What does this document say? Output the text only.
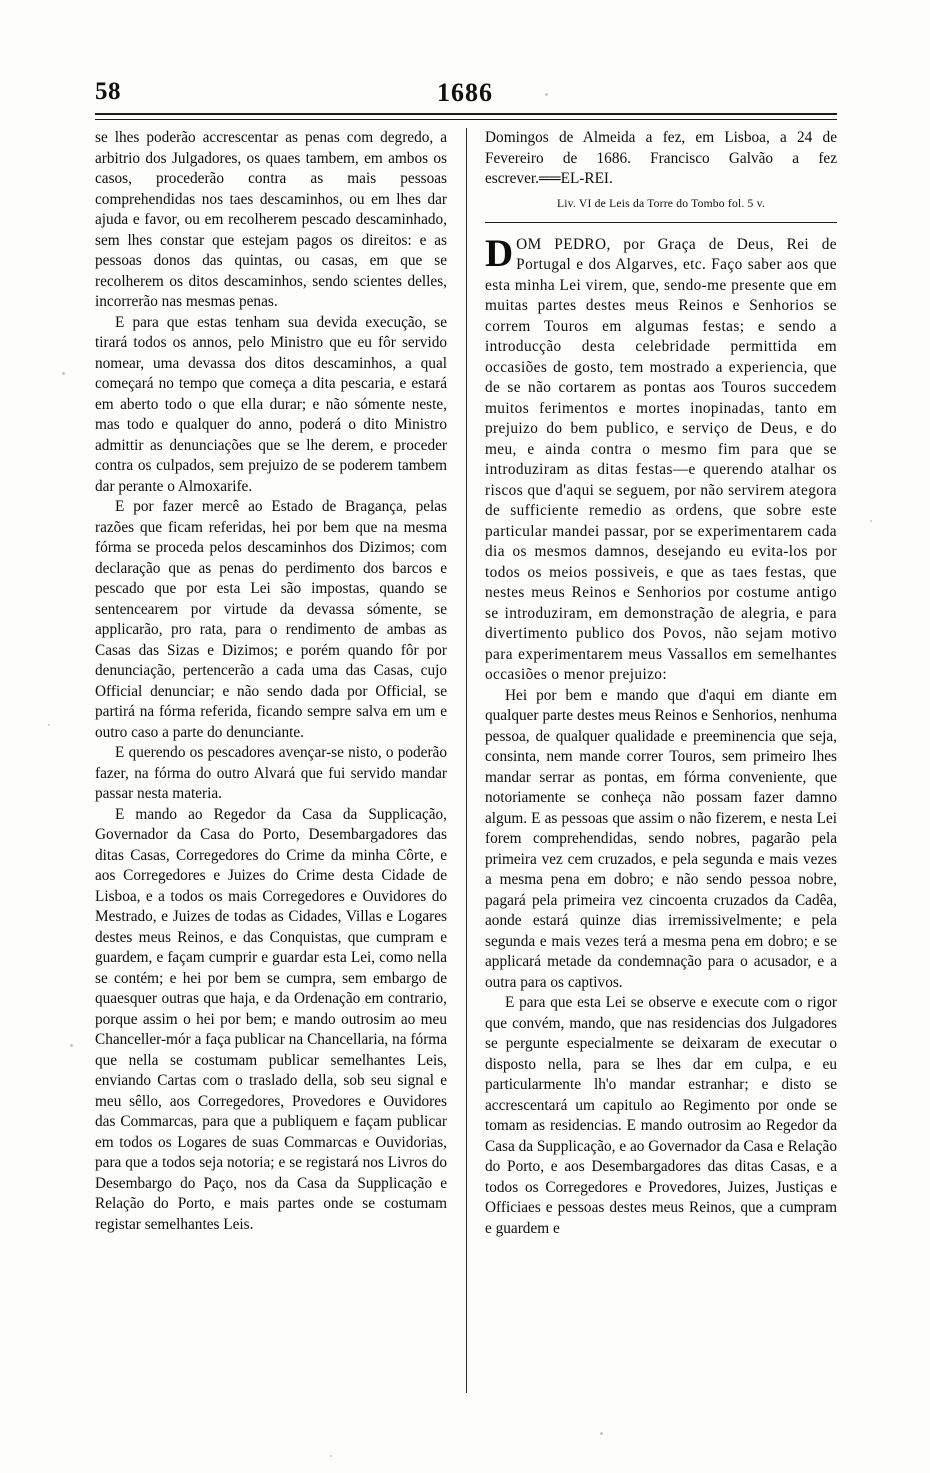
58	1686

se lhes poderão accrescentar as penas com degredo, a arbitrio dos Julgadores, os quaes tambem, em ambos os casos, procederão contra as mais pessoas comprehendidas nos taes descaminhos, ou em lhes dar ajuda e favor, ou em recolherem pescado descaminhado, sem lhes constar que estejam pagos os direitos: e as pessoas donos das quintas, ou casas, em que se recolherem os ditos descaminhos, sendo scientes delles, incorrerão nas mesmas penas.

E para que estas tenham sua devida execução, se tirará todos os annos, pelo Ministro que eu fôr servido nomear, uma devassa dos ditos descaminhos, a qual começará no tempo que começa a dita pescaria, e estará em aberto todo o que ella durar; e não sómente neste, mas todo e qualquer do anno, poderá o dito Ministro admittir as denunciações que se lhe derem, e proceder contra os culpados, sem prejuizo de se poderem tambem dar perante o Almoxarife.

E por fazer mercê ao Estado de Bragança, pelas razões que ficam referidas, hei por bem que na mesma fórma se proceda pelos descaminhos dos Dizimos; com declaração que as penas do perdimento dos barcos e pescado que por esta Lei são impostas, quando se sentencearem por virtude da devassa sómente, se applicarão, pro rata, para o rendimento de ambas as Casas das Sizas e Dizimos; e porém quando fôr por denunciação, pertencerão a cada uma das Casas, cujo Official denunciar; e não sendo dada por Official, se partirá na fórma referida, ficando sempre salva em um e outro caso a parte do denunciante.

E querendo os pescadores avençar-se nisto, o poderão fazer, na fórma do outro Alvará que fui servido mandar passar nesta materia.

E mando ao Regedor da Casa da Supplicação, Governador da Casa do Porto, Desembargadores das ditas Casas, Corregedores do Crime da minha Côrte, e aos Corregedores e Juizes do Crime desta Cidade de Lisboa, e a todos os mais Corregedores e Ouvidores do Mestrado, e Juizes de todas as Cidades, Villas e Logares destes meus Reinos, e das Conquistas, que cumpram e guardem, e façam cumprir e guardar esta Lei, como nella se contém; e hei por bem se cumpra, sem embargo de quaesquer outras que haja, e da Ordenação em contrario, porque assim o hei por bem; e mando outrosim ao meu Chanceller-mór a faça publicar na Chancellaria, na fórma que nella se costumam publicar semelhantes Leis, enviando Cartas com o traslado della, sob seu signal e meu sêllo, aos Corregedores, Provedores e Ouvidores das Commarcas, para que a publiquem e façam publicar em todos os Logares de suas Commarcas e Ouvidorias, para que a todos seja notoria; e se registará nos Livros do Desembargo do Paço, nos da Casa da Supplicação e Relação do Porto, e mais partes onde se costumam registar semelhantes Leis.

Domingos de Almeida a fez, em Lisboa, a 24 de Fevereiro de 1686. Francisco Galvão a fez escrever.══EL-REI.

Liv. VI de Leis da Torre do Tombo fol. 5 v.
D OM PEDRO, por Graça de Deus, Rei de Portugal e dos Algarves, etc. Faço saber aos que esta minha Lei virem, que, sendo-me presente que em muitas partes destes meus Reinos e Senhorios se correm Touros em algumas festas; e sendo a introducção desta celebridade permittida em occasiões de gosto, tem mostrado a experiencia, que de se não cortarem as pontas aos Touros succedem muitos ferimentos e mortes inopinadas, tanto em prejuizo do bem publico, e serviço de Deus, e do meu, e ainda contra o mesmo fim para que se introduziram as ditas festas—e querendo atalhar os riscos que d'aqui se seguem, por não servirem ategora de sufficiente remedio as ordens, que sobre este particular mandei passar, por se experimentarem cada dia os mesmos damnos, desejando eu evita-los por todos os meios possiveis, e que as taes festas, que nestes meus Reinos e Senhorios por costume antigo se introduziram, em demonstração de alegria, e para divertimento publico dos Povos, não sejam motivo para experimentarem meus Vassallos em semelhantes occasiões o menor prejuizo:

Hei por bem e mando que d'aqui em diante em qualquer parte destes meus Reinos e Senhorios, nenhuma pessoa, de qualquer qualidade e preeminencia que seja, consinta, nem mande correr Touros, sem primeiro lhes mandar serrar as pontas, em fórma conveniente, que notoriamente se conheça não possam fazer damno algum. E as pessoas que assim o não fizerem, e nesta Lei forem comprehendidas, sendo nobres, pagarão pela primeira vez cem cruzados, e pela segunda e mais vezes a mesma pena em dobro; e não sendo pessoa nobre, pagará pela primeira vez cincoenta cruzados da Cadêa, aonde estará quinze dias irremissivelmente; e pela segunda e mais vezes terá a mesma pena em dobro; e se applicará metade da condemnação para o acusador, e a outra para os captivos.

E para que esta Lei se observe e execute com o rigor que convém, mando, que nas residencias dos Julgadores se pergunte especialmente se deixaram de executar o disposto nella, para se lhes dar em culpa, e eu particularmente lh'o mandar estranhar; e disto se accrescentará um capitulo ao Regimento por onde se tomam as residencias. E mando outrosim ao Regedor da Casa da Supplicação, e ao Governador da Casa e Relação do Porto, e aos Desembargadores das ditas Casas, e a todos os Corregedores e Provedores, Juizes, Justiças e Officiaes e pessoas destes meus Reinos, que a cumpram e guardem e
